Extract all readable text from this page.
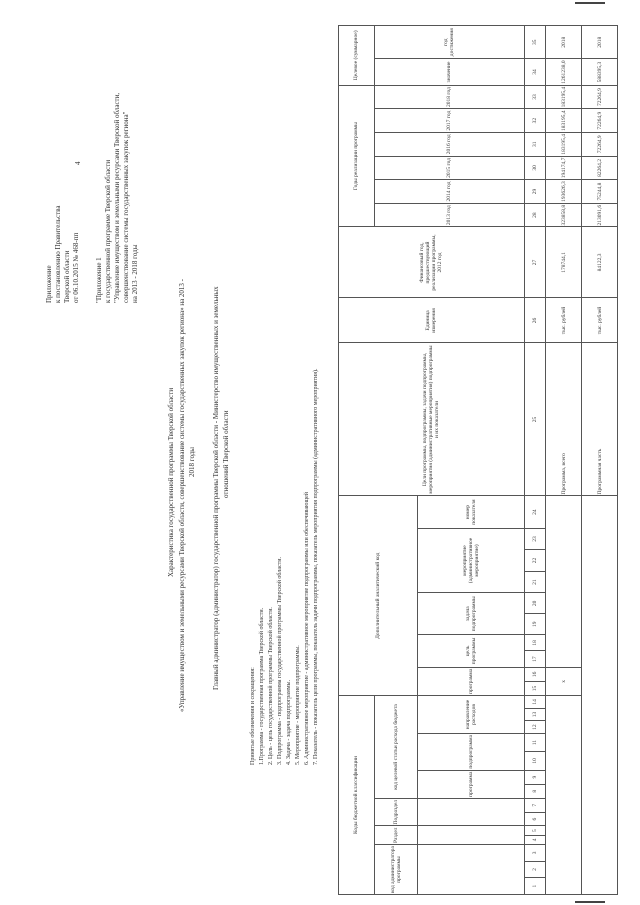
4
Приложение к постановлению Правительства Тверской области от 06.10.2015 № 468-пп "Приложение 1 к государственной программе Тверской области "Управление имуществом и земельными ресурсами Тверской области, совершенствование системы государственных закупок региона" на 2013 - 2018 годы
Характеристика государственной программы Тверской области «Управление имуществом и земельными ресурсами Тверской области, совершенствование системы государственных закупок региона» на 2013 - 2018 годы Главный администратор (администратор) государственной программы Тверской области - Министерство имущественных и земельных отношений Тверской области
Принятые обозначения и сокращения: 1.Программа - государственная программа Тверской области. 2. Цель - цель государственной программы Тверской области. 3. Подпрограмма - подпрограмма государственной программы Тверской области. 4. Задача - задача подпрограммы. 5. Мероприятие - мероприятие подпрограммы. 6. Административное мероприятие - административное мероприятие подпрограммы или обеспечивающей 7. Показатель - показатель цели программы, показатель задачи подпрограммы, показатель мероприятия подпрограммы (административного мероприятия).
Коды бюджетной классификации														Дополнительный аналитический код										Цели программы, подпрограммы, задачи подпрограммы, мероприятия (административные мероприятия) подпрограммы и их показатели	Единица измерения	Финансовый год, предшествующий реализации программы, 2012 год	Годы реализации программы						Целевое (суммарное)	
код администратора программы			Раздел		Подраздел		код целевой статьи расхода бюджета																				2013 год	2014 год	2015 год	2016 год	2017 год	2018 год	значение	год достижения
							программа		подпрограмма		направление расходов			программа		цель программы		задача подпрограммы		мероприятие (административное мероприятие)			номер показателя											
1	2	3	4	5	6	7	8	9	10	11	12	13	14	15	16	17	18	19	20	21	22	23	24	25	26	27	28	29	30	31	32	33	34	35
														x										Программа, всего	тыс. рублей	178744,1	323858,8	193626,3	194174,7	183195,4	183195,4	183195,4	1261238,0	2018
																								Программная часть	тыс. рублей	84122,3	213091,6	75244,8	82264,2	72264,9	72264,9	72264,9	588395,3	2018
